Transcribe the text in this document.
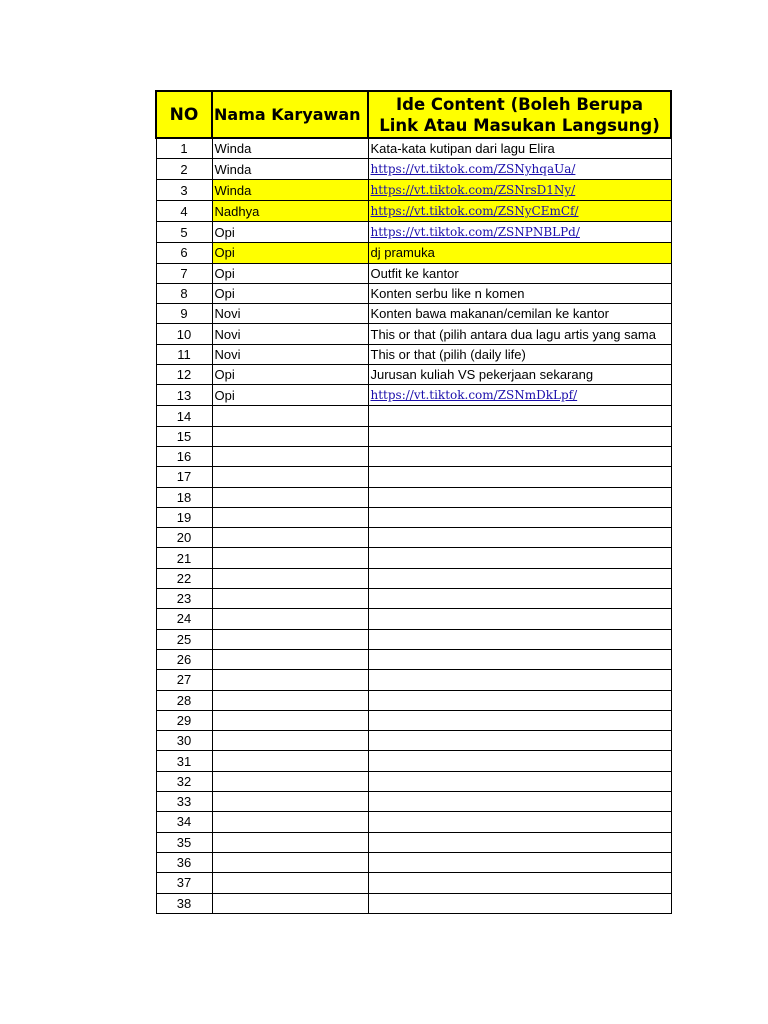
NO	Nama Karyawan	Ide Content (Boleh Berupa
Link Atau Masukan Langsung)

1	Winda	Kata-kata kutipan dari lagu Elira
2	Winda	https://vt.tiktok.com/ZSNyhqaUa/
3	Winda	https://vt.tiktok.com/ZSNrsD1Ny/
4	Nadhya	https://vt.tiktok.com/ZSNyCEmCf/
5	Opi	https://vt.tiktok.com/ZSNPNBLPd/
6	Opi	dj pramuka
7	Opi	Outfit ke kantor
8	Opi	Konten serbu like n komen
9	Novi	Konten bawa makanan/cemilan ke kantor
10	Novi	This or that (pilih antara dua lagu artis yang sama
11	Novi	This or that (pilih (daily life)
12	Opi	Jurusan kuliah VS pekerjaan sekarang
13	Opi	https://vt.tiktok.com/ZSNmDkLpf/
14		
15		
16		
17		
18		
19		
20		
21		
22		
23		
24		
25		
26		
27		
28		
29		
30		
31		
32		
33		
34		
35		
36		
37		
38		
